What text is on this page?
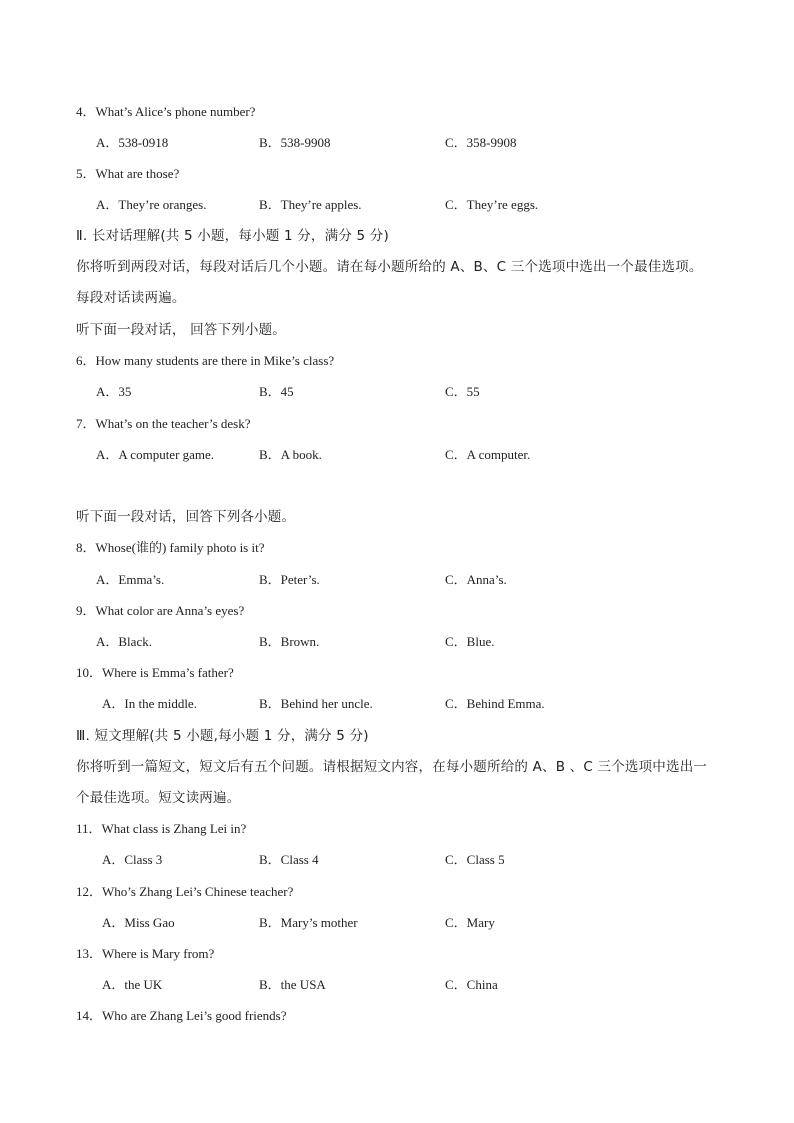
4．What’s Alice’s phone number?
A．538-0918	B．538-9908	C．358-9908
5．What are those?
A．They’re oranges.	B．They’re apples.	C．They’re eggs.
Ⅱ. 长对话理解(共 5 小题，每小题 1 分，满分 5 分)
你将听到两段对话，每段对话后几个小题。请在每小题所给的 A、B、C 三个选项中选出一个最佳选项。
每段对话读两遍。
听下面一段对话， 回答下列小题。
6．How many students are there in Mike’s class?
A．35	B．45	C．55
7．What’s on the teacher’s desk?
A．A computer game.	B．A book.	C．A computer.
听下面一段对话，回答下列各小题。
8．Whose(谁的) family photo is it?
A．Emma’s.	B．Peter’s.	C．Anna’s.
9．What color are Anna’s eyes?
A．Black.	B．Brown.	C．Blue.
10．Where is Emma’s father?
A．In the middle.	B．Behind her uncle.	C．Behind Emma.
Ⅲ. 短文理解(共 5 小题,每小题 1 分，满分 5 分)
你将听到一篇短文，短文后有五个问题。请根据短文内容，在每小题所给的 A、B 、C 三个选项中选出一
个最佳选项。短文读两遍。
11．What class is Zhang Lei in?
A．Class 3	B．Class 4	C．Class 5
12．Who’s Zhang Lei’s Chinese teacher?
A．Miss Gao	B．Mary’s mother	C．Mary
13．Where is Mary from?
A．the UK	B．the USA	C．China
14．Who are Zhang Lei’s good friends?
